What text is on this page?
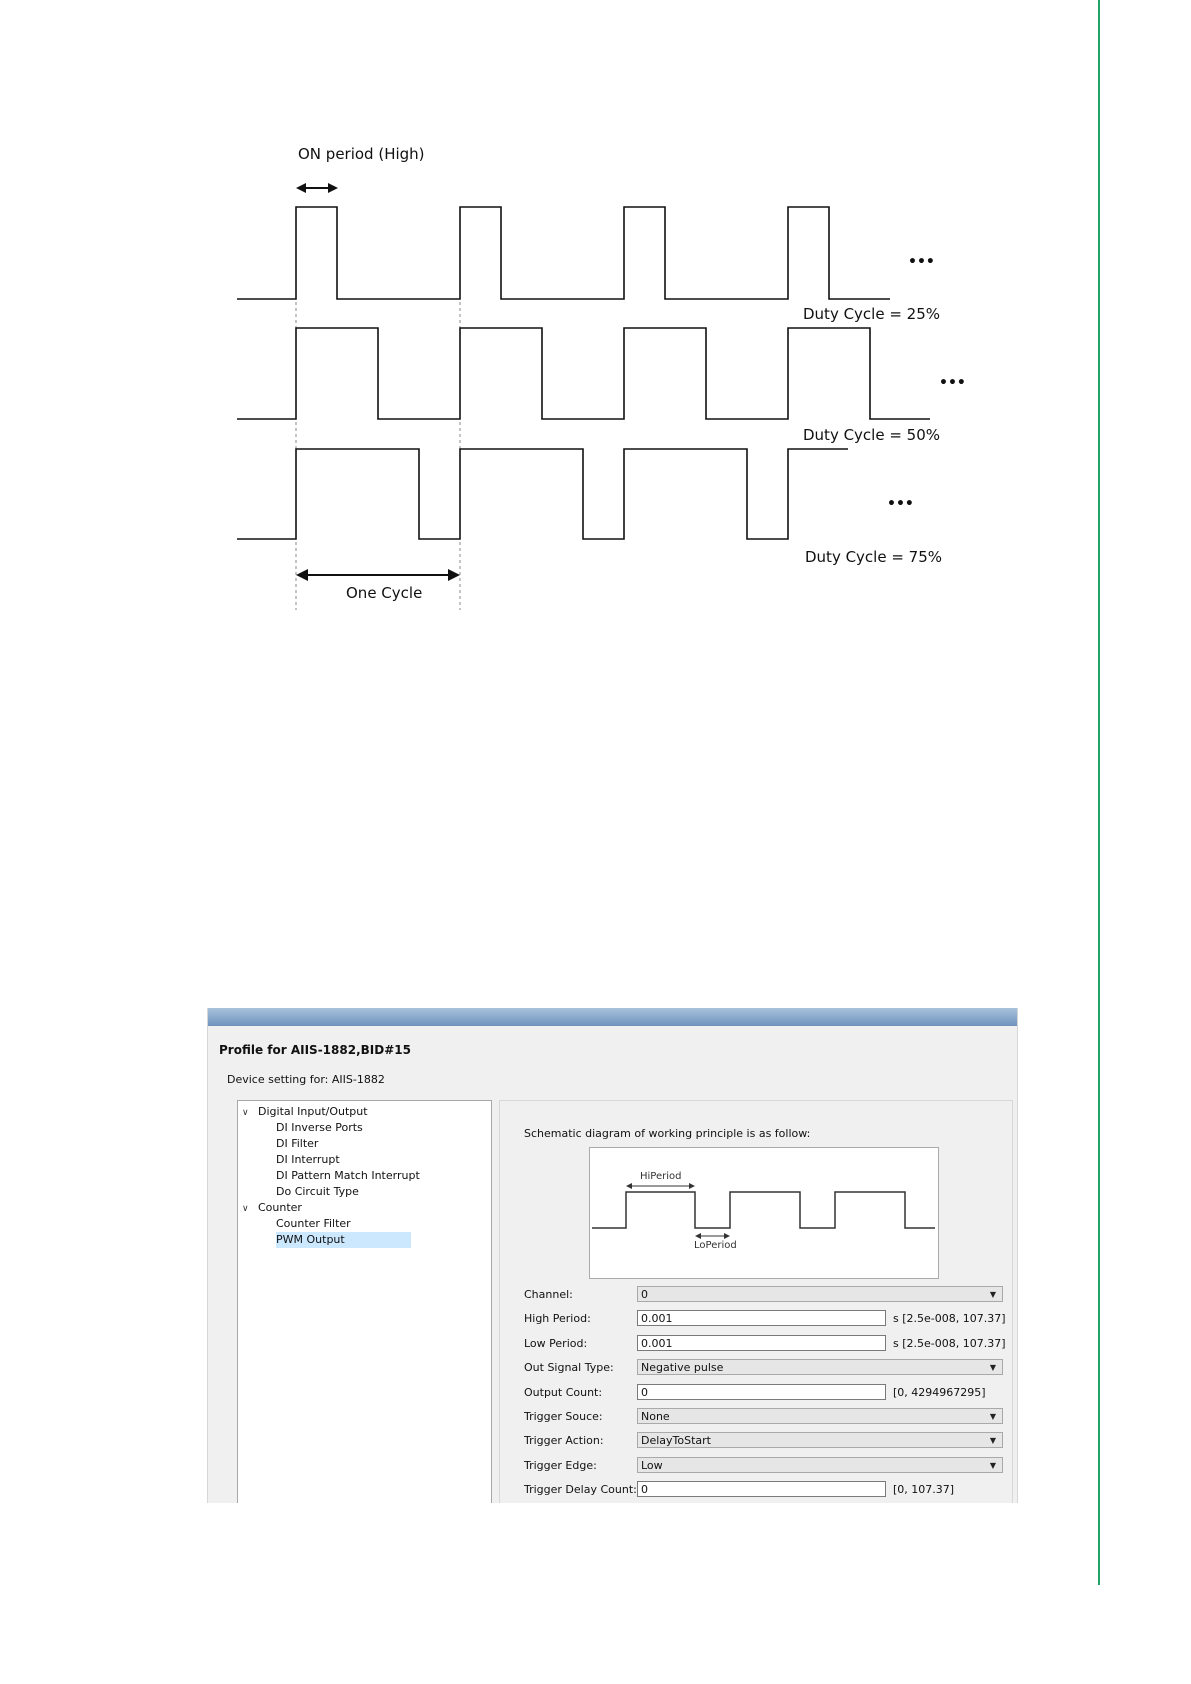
ON period (High)
One Cycle
Duty Cycle = 25%
•••
Duty Cycle = 50%
•••
Duty Cycle = 75%
•••
Profile for AIIS-1882,BID#15
Device setting for: AIIS-1882
∨ Digital Input/Output
DI Inverse Ports
DI Filter
DI Interrupt
DI Pattern Match Interrupt
Do Circuit Type
∨ Counter
Counter Filter
PWM Output
Schematic diagram of working principle is as follow:
HiPeriod
LoPeriod
Channel:	0	▼
High Period:	0.001	s [2.5e-008, 107.37]
Low Period:	0.001	s [2.5e-008, 107.37]
Out Signal Type:	Negative pulse	▼
Output Count:	0	[0, 4294967295]
Trigger Souce:	None	▼
Trigger Action:	DelayToStart	▼
Trigger Edge:	Low	▼
Trigger Delay Count: 0	[0, 107.37]
